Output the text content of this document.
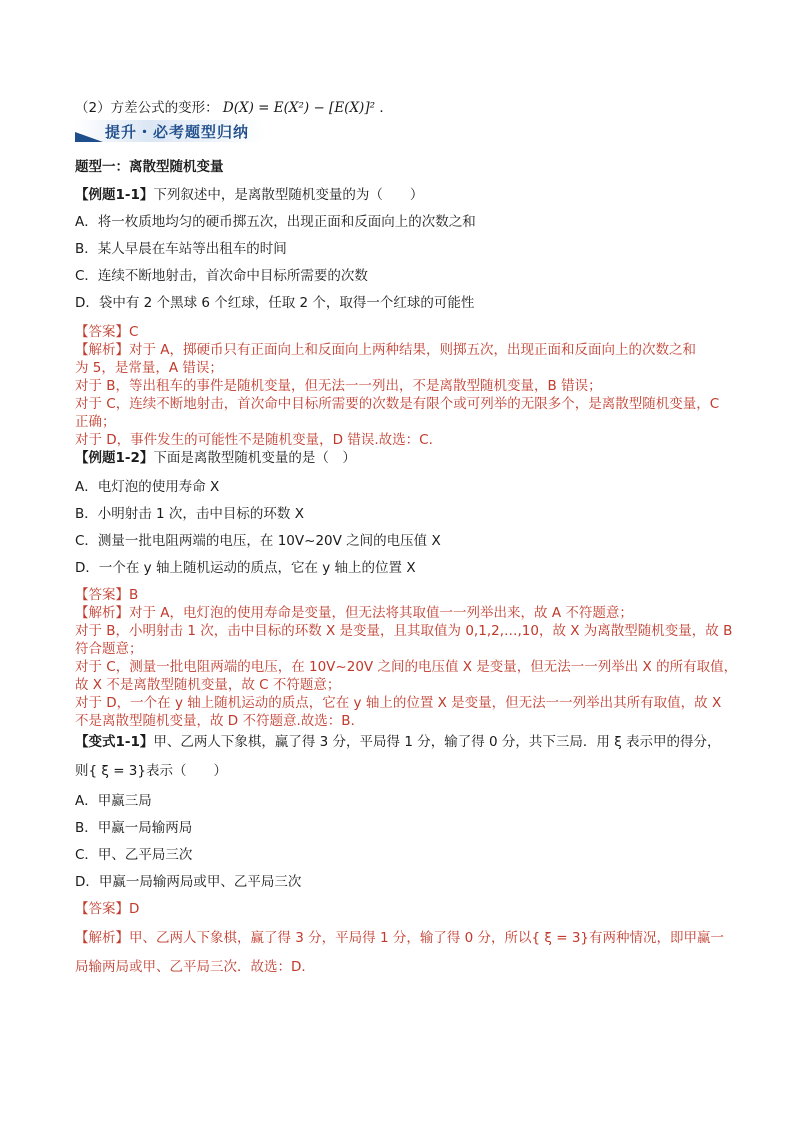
（2）方差公式的变形： D(X) = E(X²) − [E(X)]² ．
提升・必考题型归纳
题型一：离散型随机变量
【例题1-1】下列叙述中，是离散型随机变量的为（　　）
A．将一枚质地均匀的硬币掷五次，出现正面和反面向上的次数之和
B．某人早晨在车站等出租车的时间
C．连续不断地射击，首次命中目标所需要的次数
D．袋中有 2 个黑球 6 个红球，任取 2 个，取得一个红球的可能性
【答案】C
【解析】对于 A，掷硬币只有正面向上和反面向上两种结果，则掷五次，出现正面和反面向上的次数之和
为 5，是常量，A 错误；
对于 B，等出租车的事件是随机变量，但无法一一列出，不是离散型随机变量，B 错误；
对于 C，连续不断地射击，首次命中目标所需要的次数是有限个或可列举的无限多个，是离散型随机变量，C
正确；
对于 D，事件发生的可能性不是随机变量，D 错误.故选：C.
【例题1-2】下面是离散型随机变量的是（　）
A．电灯泡的使用寿命 X
B．小明射击 1 次，击中目标的环数 X
C．测量一批电阻两端的电压，在 10V~20V 之间的电压值 X
D．一个在 y 轴上随机运动的质点，它在 y 轴上的位置 X
【答案】B
【解析】对于 A，电灯泡的使用寿命是变量，但无法将其取值一一列举出来，故 A 不符题意；
对于 B，小明射击 1 次，击中目标的环数 X 是变量，且其取值为 0,1,2,…,10，故 X 为离散型随机变量，故 B
符合题意；
对于 C，测量一批电阻两端的电压，在 10V~20V 之间的电压值 X 是变量，但无法一一列举出 X 的所有取值，
故 X 不是离散型随机变量，故 C 不符题意；
对于 D，一个在 y 轴上随机运动的质点，它在 y 轴上的位置 X 是变量，但无法一一列举出其所有取值，故 X
不是离散型随机变量，故 D 不符题意.故选：B.
【变式1-1】甲、乙两人下象棋，赢了得 3 分，平局得 1 分，输了得 0 分，共下三局．用 ξ 表示甲的得分，
则{ ξ = 3}表示（　　）
A．甲赢三局
B．甲赢一局输两局
C．甲、乙平局三次
D．甲赢一局输两局或甲、乙平局三次
【答案】D
【解析】甲、乙两人下象棋，赢了得 3 分，平局得 1 分，输了得 0 分，所以{ ξ = 3}有两种情况，即甲赢一
局输两局或甲、乙平局三次．故选：D．
